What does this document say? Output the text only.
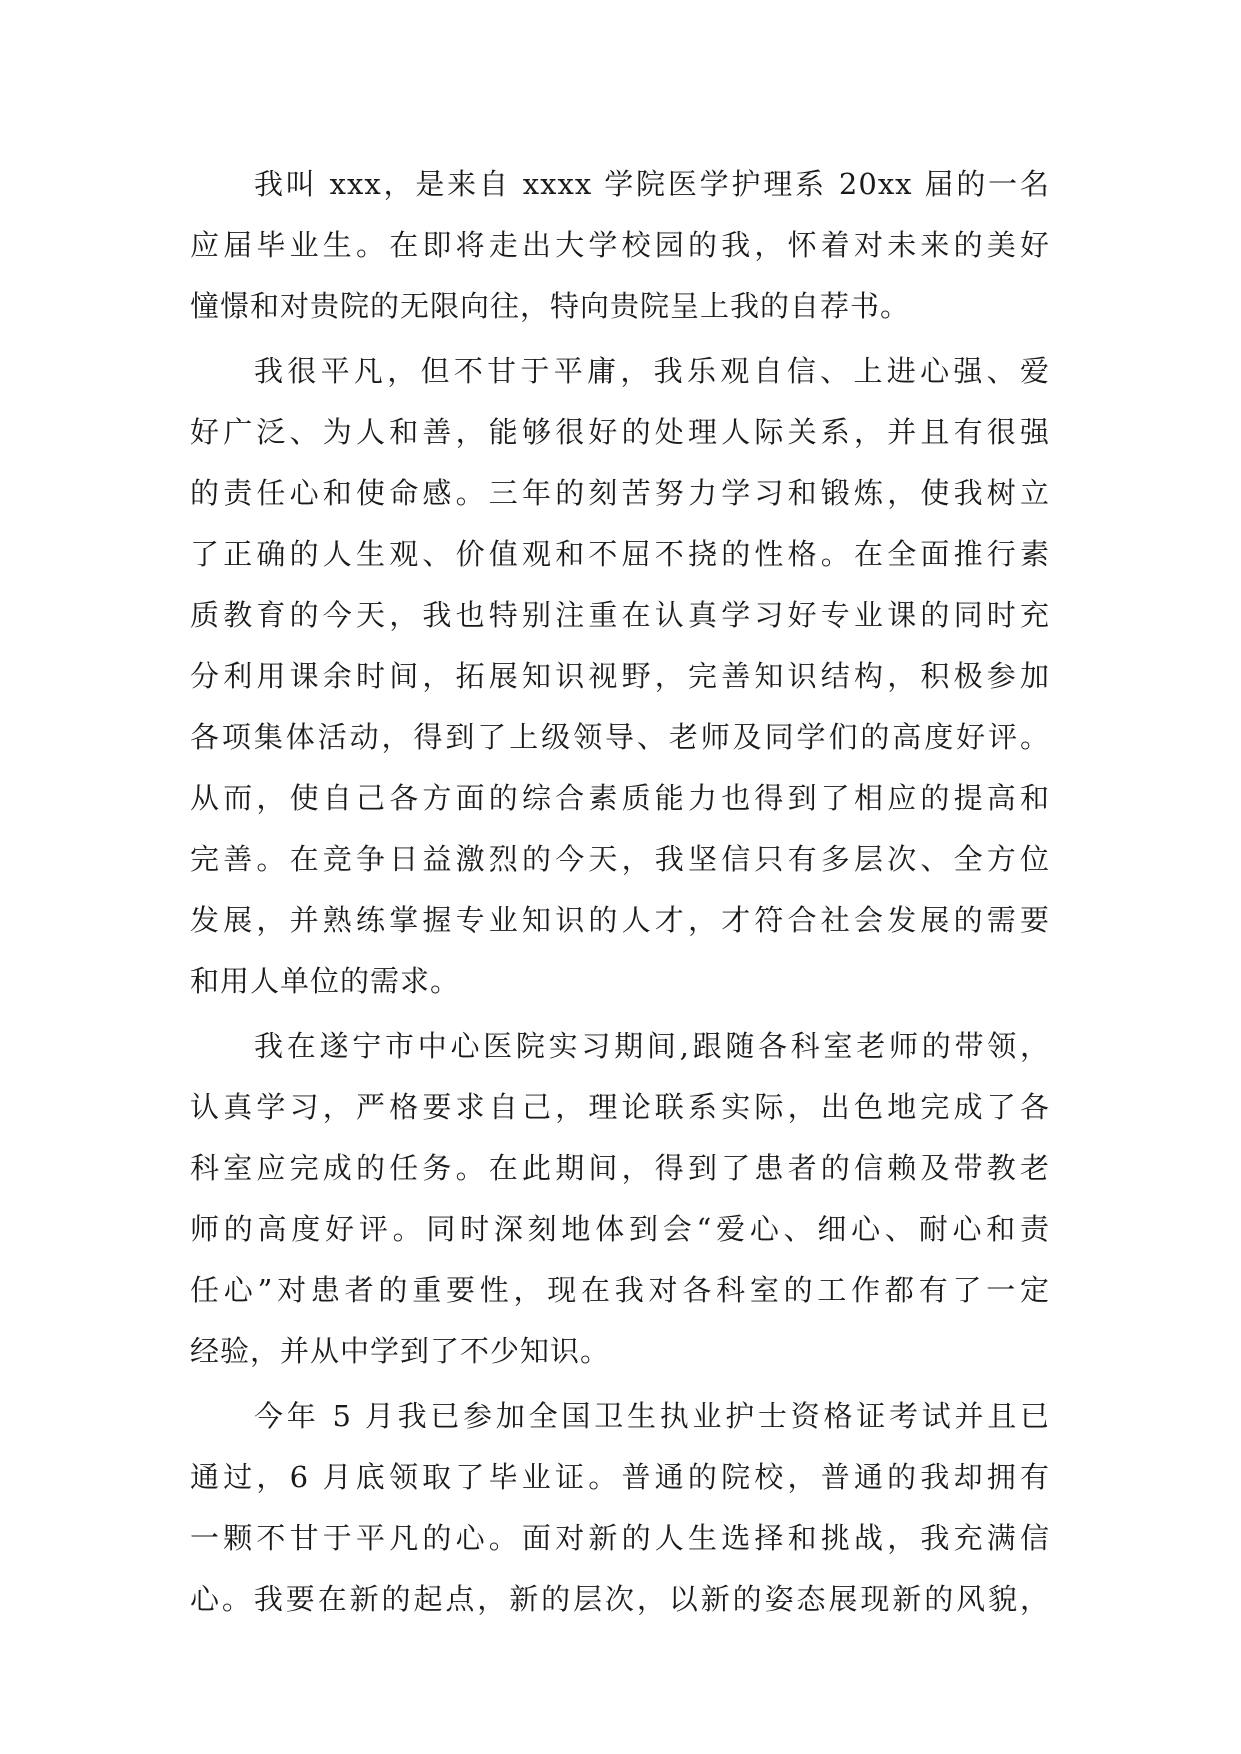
我叫 xxx，是来自 xxxx 学院医学护理系 20xx 届的一名
应届毕业生。在即将走出大学校园的我，怀着对未来的美好
憧憬和对贵院的无限向往，特向贵院呈上我的自荐书。
我很平凡，但不甘于平庸，我乐观自信、上进心强、爱
好广泛、为人和善，能够很好的处理人际关系，并且有很强
的责任心和使命感。三年的刻苦努力学习和锻炼，使我树立
了正确的人生观、价值观和不屈不挠的性格。在全面推行素
质教育的今天，我也特别注重在认真学习好专业课的同时充
分利用课余时间，拓展知识视野，完善知识结构，积极参加
各项集体活动，得到了上级领导、老师及同学们的高度好评。
从而，使自己各方面的综合素质能力也得到了相应的提高和
完善。在竞争日益激烈的今天，我坚信只有多层次、全方位
发展，并熟练掌握专业知识的人才，才符合社会发展的需要
和用人单位的需求。
我在遂宁市中心医院实习期间,跟随各科室老师的带领，
认真学习，严格要求自己，理论联系实际，出色地完成了各
科室应完成的任务。在此期间，得到了患者的信赖及带教老
师的高度好评。同时深刻地体到会“爱心、细心、耐心和责
任心”对患者的重要性，现在我对各科室的工作都有了一定
经验，并从中学到了不少知识。
今年 5 月我已参加全国卫生执业护士资格证考试并且已
通过，6 月底领取了毕业证。普通的院校，普通的我却拥有
一颗不甘于平凡的心。面对新的人生选择和挑战，我充满信
心。我要在新的起点，新的层次，以新的姿态展现新的风貌，
